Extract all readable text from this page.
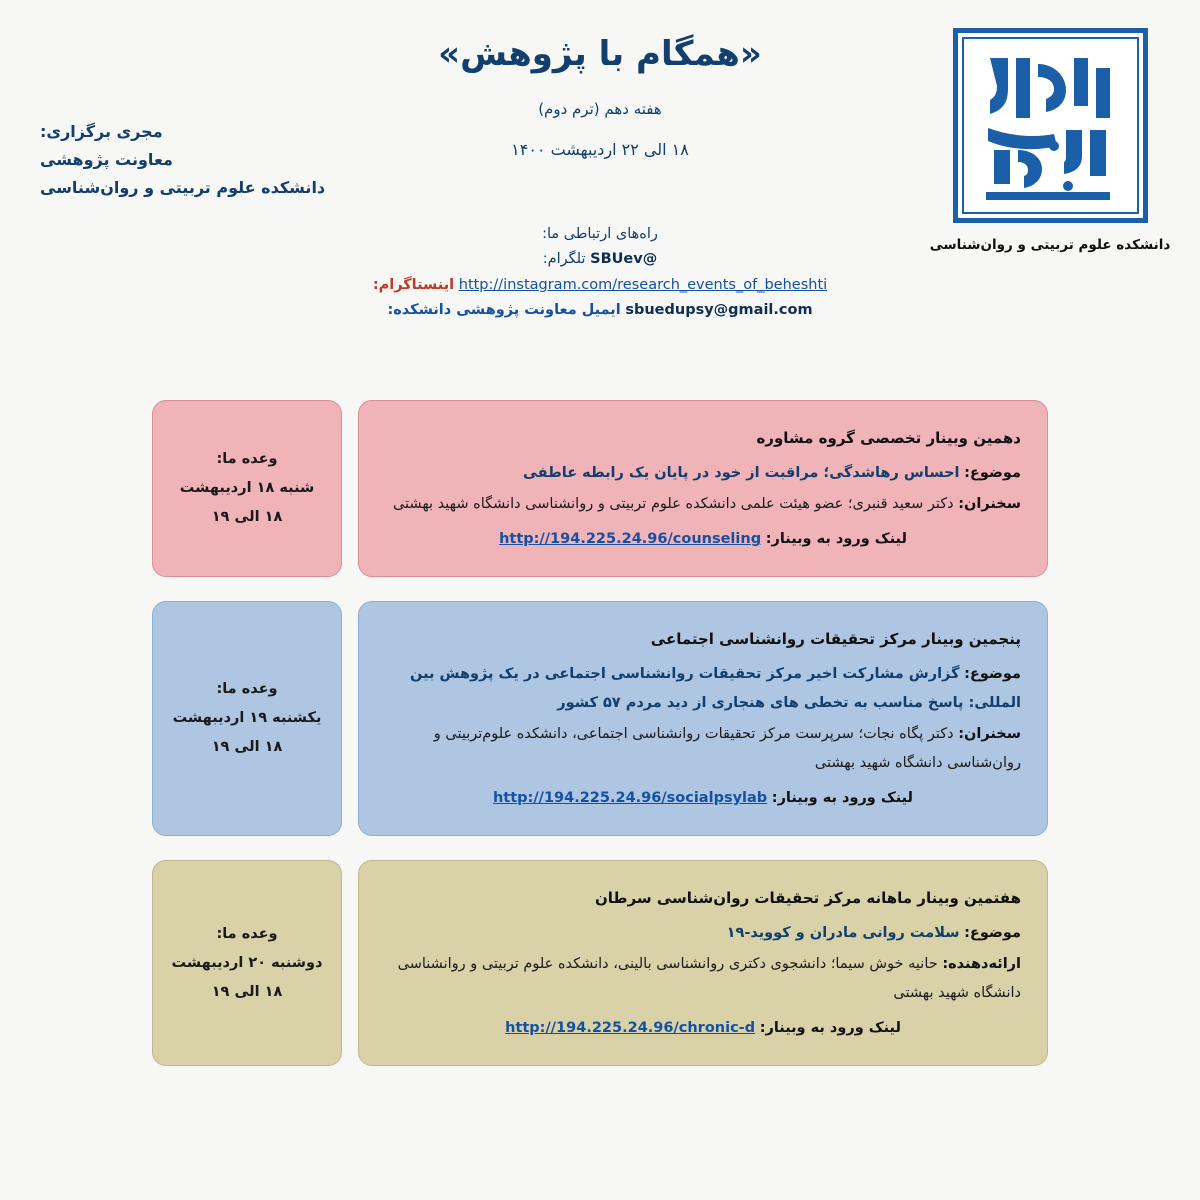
دانشکده علوم تربیتی و روان‌شناسی
«همگام با پژوهش»
هفته دهم (ترم دوم)
۱۸ الی ۲۲ اردیبهشت ۱۴۰۰
مجری برگزاری:
معاونت پژوهشی
دانشکده علوم تربیتی و روان‌شناسی
راه‌های ارتباطی ما:
@SBUev تلگرام:
http://instagram.com/research_events_of_beheshti اینستاگرام:
sbuedupsy@gmail.com ایمیل معاونت پژوهشی دانشکده:
دهمین وبینار تخصصی گروه مشاوره
موضوع: احساس رهاشدگی؛ مراقبت از خود در پایان یک رابطه عاطفی
سخنران: دکتر سعید قنبری؛ عضو هیئت علمی دانشکده علوم تربیتی و روانشناسی دانشگاه شهید بهشتی
لینک ورود به وبینار: http://194.225.24.96/counseling
وعده ما:
شنبه ۱۸ اردیبهشت
۱۸ الی ۱۹
پنجمین وبینار مرکز تحقیقات روانشناسی اجتماعی
موضوع: گزارش مشارکت اخیر مرکز تحقیقات روانشناسی اجتماعی در یک پژوهش بین المللی: پاسخ مناسب به تخطی های هنجاری از دید مردم ۵۷ کشور
سخنران: دکتر پگاه نجات؛ سرپرست مرکز تحقیقات روانشناسی اجتماعی، دانشکده علوم‌تربیتی و روان‌شناسی دانشگاه شهید بهشتی
لینک ورود به وبینار: http://194.225.24.96/socialpsylab
وعده ما:
یکشنبه ۱۹ اردیبهشت
۱۸ الی ۱۹
هفتمین وبینار ماهانه مرکز تحقیقات روان‌شناسی سرطان
موضوع: سلامت روانی مادران و کووید-۱۹
ارائه‌دهنده: حانیه خوش سیما؛ دانشجوی دکتری روانشناسی بالینی، دانشکده علوم تربیتی و روانشناسی دانشگاه شهید بهشتی
لینک ورود به وبینار: http://194.225.24.96/chronic-d
وعده ما:
دوشنبه ۲۰ اردیبهشت
۱۸ الی ۱۹
